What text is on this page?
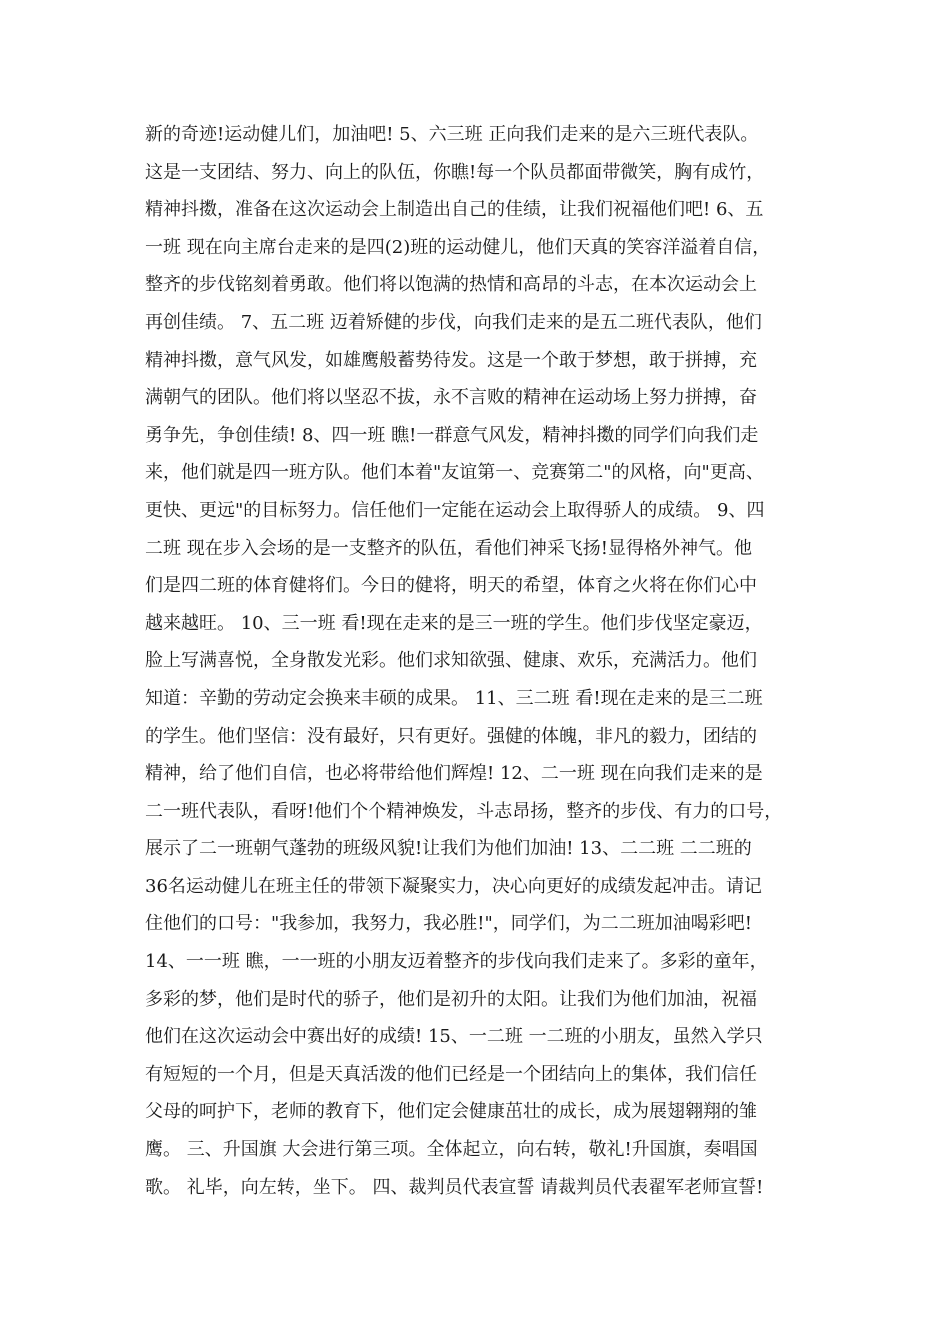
新的奇迹!运动健儿们，加油吧! 5、六三班 正向我们走来的是六三班代表队。
这是一支团结、努力、向上的队伍，你瞧!每一个队员都面带微笑，胸有成竹，
精神抖擞，准备在这次运动会上制造出自己的佳绩，让我们祝福他们吧! 6、五
一班 现在向主席台走来的是四(2)班的运动健儿，他们天真的笑容洋溢着自信，
整齐的步伐铭刻着勇敢。他们将以饱满的热情和高昂的斗志，在本次运动会上
再创佳绩。 7、五二班 迈着矫健的步伐，向我们走来的是五二班代表队，他们
精神抖擞，意气风发，如雄鹰般蓄势待发。这是一个敢于梦想，敢于拼搏，充
满朝气的团队。他们将以坚忍不拔，永不言败的精神在运动场上努力拼搏，奋
勇争先，争创佳绩! 8、四一班 瞧!一群意气风发，精神抖擞的同学们向我们走
来，他们就是四一班方队。他们本着"友谊第一、竞赛第二"的风格，向"更高、
更快、更远"的目标努力。信任他们一定能在运动会上取得骄人的成绩。 9、四
二班 现在步入会场的是一支整齐的队伍，看他们神采飞扬!显得格外神气。他
们是四二班的体育健将们。今日的健将，明天的希望，体育之火将在你们心中
越来越旺。 10、三一班 看!现在走来的是三一班的学生。他们步伐坚定豪迈，
脸上写满喜悦，全身散发光彩。他们求知欲强、健康、欢乐，充满活力。他们
知道：辛勤的劳动定会换来丰硕的成果。 11、三二班 看!现在走来的是三二班
的学生。他们坚信：没有最好，只有更好。强健的体魄，非凡的毅力，团结的
精神，给了他们自信，也必将带给他们辉煌! 12、二一班 现在向我们走来的是
二一班代表队，看呀!他们个个精神焕发，斗志昂扬，整齐的步伐、有力的口号，
展示了二一班朝气蓬勃的班级风貌!让我们为他们加油! 13、二二班 二二班的
36名运动健儿在班主任的带领下凝聚实力，决心向更好的成绩发起冲击。请记
住他们的口号："我参加，我努力，我必胜!"，同学们，为二二班加油喝彩吧!
14、一一班 瞧，一一班的小朋友迈着整齐的步伐向我们走来了。多彩的童年，
多彩的梦，他们是时代的骄子，他们是初升的太阳。让我们为他们加油，祝福
他们在这次运动会中赛出好的成绩! 15、一二班 一二班的小朋友，虽然入学只
有短短的一个月，但是天真活泼的他们已经是一个团结向上的集体，我们信任
父母的呵护下，老师的教育下，他们定会健康茁壮的成长，成为展翅翱翔的雏
鹰。 三、升国旗 大会进行第三项。全体起立，向右转，敬礼!升国旗，奏唱国
歌。 礼毕，向左转，坐下。 四、裁判员代表宣誓 请裁判员代表翟军老师宣誓!
